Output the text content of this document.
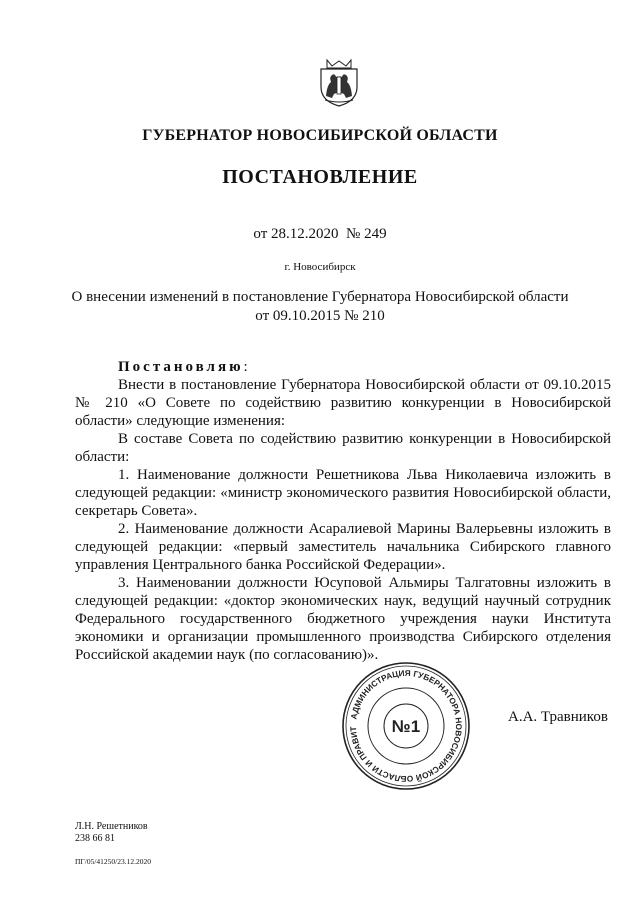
ГУБЕРНАТОР НОВОСИБИРСКОЙ ОБЛАСТИ
ПОСТАНОВЛЕНИЕ
от 28.12.2020  № 249
г. Новосибирск
О внесении изменений в постановление Губернатора Новосибирской области
от 09.10.2015 № 210

Постановляю:

Внести в постановление Губернатора Новосибирской области от 09.10.2015 № 210 «О Совете по содействию развитию конкуренции в Новосибирской области» следующие изменения:

В составе Совета по содействию развитию конкуренции в Новосибирской области:

1. Наименование должности Решетникова Льва Николаевича изложить в следующей редакции: «министр экономического развития Новосибирской области, секретарь Совета».

2. Наименование должности Асаралиевой Марины Валерьевны изложить в следующей редакции: «первый заместитель начальника Сибирского главного управления Центрального банка Российской Федерации».

3. Наименовании должности Юсуповой Альмиры Талгатовны изложить в следующей редакции: «доктор экономических наук, ведущий научный сотрудник Федерального государственного бюджетного учреждения науки Института экономики и организации промышленного производства Сибирского отделения Российской академии наук (по согласованию)».

АДМИНИСТРАЦИЯ ГУБЕРНАТОРА НОВОСИБИРСКОЙ ОБЛАСТИ И ПРАВИТ	№1	А.А. Травников
Л.Н. Решетников
238 66 81
ПГ/05/41250/23.12.2020
